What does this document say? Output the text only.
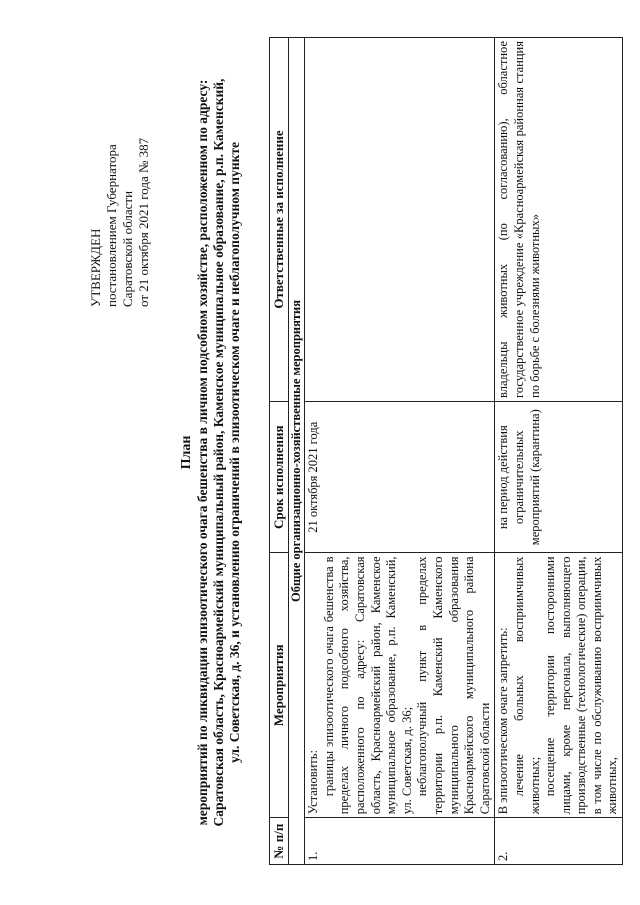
УТВЕРЖДЕН постановлением Губернатора Саратовской области от 21 октября 2021 года № 387
План мероприятий по ликвидации эпизоотического очага бешенства в личном подсобном хозяйстве, расположенном по адресу: Саратовская область, Красноармейский муниципальный район, Каменское муниципальное образование, р.п. Каменский, ул. Советская, д. 36, и установлению ограничений в эпизоотическом очаге и неблагополучном пункте
№ п/п	Мероприятия	Срок исполнения	Ответственные за исполнение
Общие организационно-хозяйственные мероприятия			
1.	Установить: границы эпизоотического очага бешенства в пределах личного подсобного хозяйства, расположенного по адресу: Саратовская область, Красноармейский район, Каменское муниципальное образование, р.п. Каменский, ул. Советская, д. 36; неблагополучный пункт в пределах территории р.п. Каменский Каменского муниципального образования Красноармейского муниципального района Саратовской области	21 октября 2021 года	
2.	В эпизоотическом очаге запретить: лечение больных восприимчивых животных; посещение территории посторонними лицами, кроме персонала, выполняющего производственные (технологические) операции, в том числе по обслуживанию восприимчивых животных,	на период действия ограничительных мероприятий (карантина)	владельцы животных (по согласованию), областное государственное учреждение «Красноармейская районная станция по борьбе с болезнями животных»
